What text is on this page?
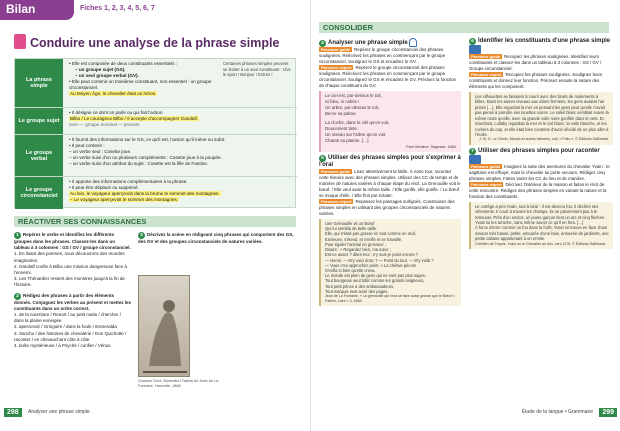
Bilan	Fiches 1, 2, 3, 4, 5, 6, 7
Conduire une analyse de la phrase simple
La phrase simple
• Elle est composée de deux constituants essentiels :
– un groupe sujet (GS).
– un seul groupe verbal (GV).
• Elle peut contenir un troisième constituant, non essentiel : un groupe circonstanciel.
Au Moyen Âge, le chevalier était un héros.
Certaines phrases simples peuvent se limiter à un seul constituant : Vive le sport ! Bonjour ! Entrez !
Le groupe sujet
• Il désigne ce dont on parle ou qui fait l'action.
Bilbo / Le courageux Bilbo / Il accepte d'accompagner Gandalf.
nom — groupe nominal — pronom
Le groupe verbal
• Il fournit des informations sur le GS, ce qu'il est, l'action qu'il mène ou subit.
• Il peut contenir :
– un verbe seul : Cosette joue.
– un verbe suivi d'un ou plusieurs compléments : Cosette joue à la poupée.
– un verbe suivi d'un attribut du sujet : Cosette est la fille de Fantine.
Le groupe circonstanciel
• Il apporte des informations complémentaires à la phrase.
• Il peut être déplacé ou supprimé.
Au loin, le voyageur aperçevoit dans la brume le sommet des montagnes.
– Le voyageur aperçevoit le sommet des montagnes.
RÉACTIVER SES CONNAISSANCES
1 Repérez le verbe et identifiez les différents groupes dans les phrases. Classez-les dans un tableau à 3 colonnes : GS / GV / groupe circonstanciel.
1. En lisant des poèmes, nous découvrons des mondes imaginaires.
2. Gandalf confie à Bilbo une mission dangereuse face à l'ennemi.
3. Les Thénardier restent des monstres jusqu'à la fin de l'histoire.
2 Rédigez des phrases à partir des éléments donnés. Conjuguez les verbes au présent et mettez les constituants dans un ordre correct.
1. de la nourriture / Renart / au petit matin / chercher / dans la plaine enneigée
2. apercevoir / Gringoire / dans la foule / Esmeralda
3. Sancho / des histoires de chevalerie / Don Quichotte / raconter / en chevauchant côte à côte
4. boîte mystérieuse / à Psyché / confier / Vénus
3 Décrivez la scène en rédigeant cinq phrases qui comportent des GS, des GV et des groupes circonstanciels de natures variées.
Gustave Doré, illustration Fables de Jean de La Fontaine, Hachette, 1868.
298	Analyser une phrase simple
CONSOLIDER
4 Analyser une phrase simple
Parcours guidé Repérez le groupe circonstanciel des phrases soulignées. Réécrivez les phrases en commençant par le groupe circonstanciel. Soulignez le GS et encadrez le GV.
Parcours expert Repérez le groupe circonstanciel des phrases soulignées. Réécrivez les phrases en commençant par le groupe circonstanciel. Soulignez le GS et encadrez le GV. Précisez la fonction de chaque constituant du GV.
Le ciel est, par-dessus le toit,
Si bleu, si calme !
Un arbre, par-dessus le toit,
Berce sa palme.
La cloche, dans le ciel qu'on voit,
Doucement tinte.
Un oiseau sur l'arbre qu'on voit
Chante sa plainte. […]
Paul Verlaine, Sagesse, 1880.
5 Utiliser des phrases simples pour s'exprimer à l'oral
Parcours guidé Lisez attentivement la fable. À votre tour, racontez cette histoire avec des phrases simples. Utilisez des CC de temps et de manière de natures variées à chaque étape du récit. La Grenouille voit le bœuf. / Elle veut avoir la même taille. / Elle gonfle, elle gonfle. / Le bœuf se moque d'elle. / Elle finit par éclater.
Parcours expert Repassez les passages surlignés. Construisez des phrases simples en utilisant des groupes circonstanciels de natures variées.
Une Grenouille vit un Bœuf
Qui lui sembla de belle taille.
Elle, qui n'était pas grosse en tout comme un œuf,
Envieuse, s'étend, et s'enfle et se travaille,
Pour égaler l'animal en grosseur ;
Disant : « Regardez bien, ma sœur ;
Est-ce assez ? dites-moi ; n'y suis-je point encore ?
— Nenni. — M'y voici donc ? — Point du tout. — M'y voilà ?
— Vous n'en approchez point. » La chétive pécore
S'enfla si bien qu'elle creva.
Le monde est plein de gens qui ne sont pas plus sages :
Tout bourgeois veut bâtir comme les grands seigneurs,
Tout petit prince a des ambassadeurs,
Tout marquis veut avoir des pages.
Jean de La Fontaine, « La grenouille qui veut se faire aussi grosse que le Bœuf », Fables, Livre I, 3, 1668.
6 Identifier les constituants d'une phrase simple
Parcours guidé Recopiez les phrases soulignées. Identifiez leurs constituants et classez-les dans un tableau à 3 colonnes : GS / GV / Groupe circonstanciel.
Parcours expert Recopiez les phrases soulignées. Soulignez leurs constituants et donnez leur fonction. Précisez ensuite la nature des éléments qui les composent.
Les silhouettes se faisaient à courir avec des bruits de roulements à billes. Dans les autres niveaux aux aîtres fermées, les gens avaient l'air prisés […]. Elle regardait la mer en pensant les gens peut qu'elle n'avait pas pensé à prendre ses lunettes noires. Le soleil blanc semblait suivre la même route qu'elle, avec sa grande voile noire gonflée dans le vent. Et, marchant, Lullaby regardait la mer et le ciel blanc, la voile blanche, et les rochers du cap, et elle était bien contente d'avoir décidé de ne plus aller à l'école.
J. M. G. Le Clézio, Mondo et autres histoires, coll. « Folio », © Éditions Gallimard.
7 Utiliser des phrases simples pour raconter
Parcours guidé Imaginez la suite des aventures du chevalier Yvain : le sagittaire est effrayé, mais le chevalier lui porte secours. Rédigez cinq phrases simples. Faites varier les CC de lieu et de manière.
Parcours expert Décrivez l'intérieur de la maison et faites le récit de cette rencontre. Rédigez des phrases simples en variant la nature et la fonction des constituants.
Le cortège a pris Yvain, tout à loisir : il est devenu fou. Il déchire ses vêtements. Il court à travers les champs, ils ne parviennent pas à le retrouver. Près d'un enclos, un jeune garçon tient un arc et cinq flèches. Yvain lui les arrache, sans même savoir ce qu'il en fera. […]
À force d'errer comme un fou dans la forêt, Yvain se trouve en face d'une maison très basse, petite, entourée d'une haie, entourée de jardinets, une petite cabane appartenant à un ermite.
Chrétien de Troyes, Yvain ou le Chevalier au lion, vers 1176, © Éditions Gallimard.
Étude de la langue • Grammaire	299
